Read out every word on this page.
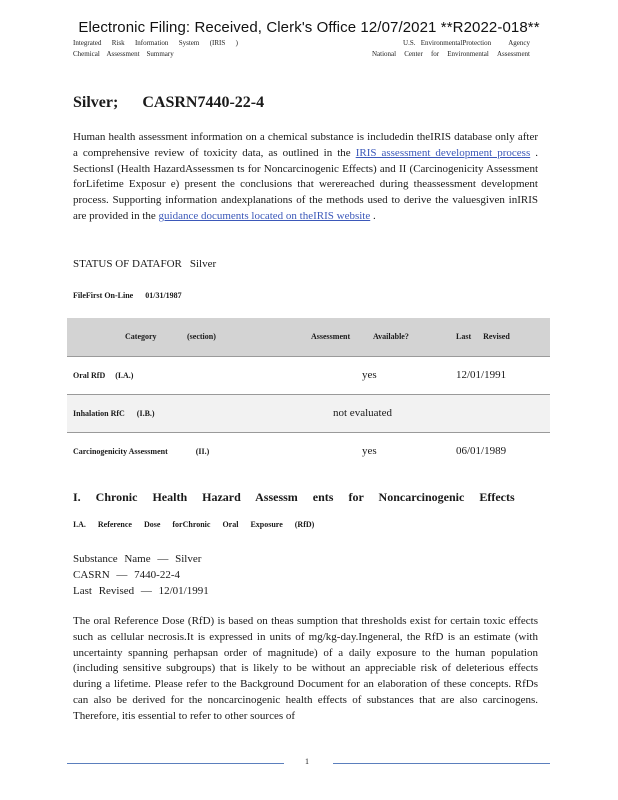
Electronic Filing: Received, Clerk's Office 12/07/2021 **R2022-018**
Integrated Risk Information System (IRIS )
Chemical Assessment Summary
U.S. EnvironmentalProtection Agency
National Center for Environmental Assessment
Silver; CASRN7440-22-4
Human health assessment information on a chemical substance is includedin theIRIS database only after a comprehensive review of toxicity data, as outlined in the IRIS assessment development process . SectionsI (Health HazardAssessmen ts for Noncarcinogenic Effects) and II (Carcinogenicity Assessment forLifetime Exposur e) present the conclusions that werereached during theassessment development process. Supporting information andexplanations of the methods used to derive the valuesgiven inIRIS are provided in the guidance documents located on theIRIS website .
STATUS OF DATAFOR Silver
FileFirst On-Line 01/31/1987
	Category	(section)	Assessment	Available?	Last Revised
Oral RfD (I.A.)				yes	12/01/1991
Inhalation RfC (I.B.)			not evaluated		
Carcinogenicity Assessment (II.)				yes	06/01/1989
I. Chronic Health Hazard Assessm ents for Noncarcinogenic Effects
I.A. Reference Dose forChronic Oral Exposure (RfD)
Substance Name — Silver
CASRN — 7440-22-4
Last Revised — 12/01/1991
The oral Reference Dose (RfD) is based on theas sumption that thresholds exist for certain toxic effects such as cellular necrosis.It is expressed in units of mg/kg-day.Ingeneral, the RfD is an estimate (with uncertainty spanning perhapsan order of magnitude) of a daily exposure to the human population (including sensitive subgroups) that is likely to be without an appreciable risk of deleterious effects during a lifetime. Please refer to the Background Document for an elaboration of these concepts. RfDs can also be derived for the noncarcinogenic health effects of substances that are also carcinogens. Therefore, itis essential to refer to other sources of
1
